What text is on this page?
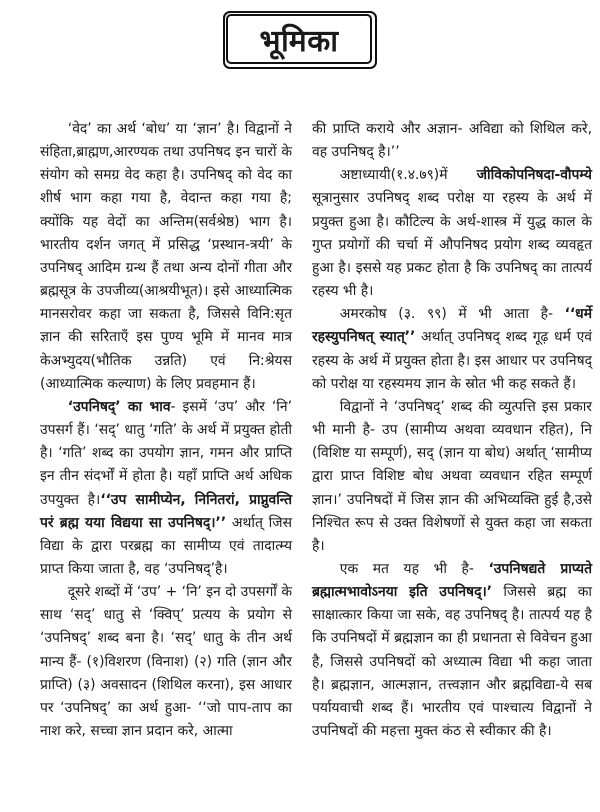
भूमिका

‘वेद’ का अर्थ ‘बोध’ या ‘ज्ञान’ है। विद्वानों ने संहिता,ब्राह्मण,आरण्यक तथा उपनिषद इन चारों के संयोग को समग्र वेद कहा है। उपनिषद् को वेद का शीर्ष भाग कहा गया है, वेदान्त कहा गया है; क्योंकि यह वेदों का अन्तिम(सर्वश्रेष्ठ) भाग है। भारतीय दर्शन जगत् में प्रसिद्ध ‘प्रस्थान-त्रयी’ के उपनिषद् आदिम ग्रन्थ हैं तथा अन्य दोनों गीता और ब्रह्मसूत्र के उपजीव्य(आश्रयीभूत)। इसे आध्यात्मिक मानसरोवर कहा जा सकता है, जिससे विनि:सृत ज्ञान की सरिताएँ इस पुण्य भूमि में मानव मात्र केअभ्युदय(भौतिक उन्नति) एवं नि:श्रेयस (आध्यात्मिक कल्याण) के लिए प्रवहमान हैं।

‘उपनिषद्’ का भाव- इसमें ‘उप’ और ‘नि’ उपसर्ग हैं। ‘सद्’ धातु ‘गति’ के अर्थ में प्रयुक्त होती है। ‘गति’ शब्द का उपयोग ज्ञान, गमन और प्राप्ति इन तीन संदर्भों में होता है। यहाँ प्राप्ति अर्थ अधिक उपयुक्त है।‘‘उप सामीप्येन, निनितरां, प्राप्नुवन्ति परं ब्रह्म यया विद्यया सा उपनिषद्।’’ अर्थात् जिस विद्या के द्वारा परब्रह्म का सामीप्य एवं तादात्म्य प्राप्त किया जाता है, वह ‘उपनिषद्’है।

दूसरे शब्दों में ‘उप’ + ‘नि’ इन दो उपसर्गों के साथ ‘सद्’ धातु से ‘क्विप्’ प्रत्यय के प्रयोग से ‘उपनिषद्’ शब्द बना है। ‘सद्’ धातु के तीन अर्थ मान्य हैं- (१)विशरण (विनाश) (२) गति (ज्ञान और प्राप्ति) (३) अवसादन (शिथिल करना), इस आधार पर ‘उपनिषद्’ का अर्थ हुआ- ‘‘जो पाप-ताप का नाश करे, सच्चा ज्ञान प्रदान करे, आत्मा

की प्राप्ति कराये और अज्ञान- अविद्या को शिथिल करे, वह उपनिषद् है।’’

अष्टाध्यायी(१.४.७९)में जीविकोपनिषदा-वौपम्ये सूत्रानुसार उपनिषद् शब्द परोक्ष या रहस्य के अर्थ में प्रयुक्त हुआ है। कौटिल्य के अर्थ-शास्त्र में युद्ध काल के गुप्त प्रयोगों की चर्चा में औपनिषद प्रयोग शब्द व्यवहृत हुआ है। इससे यह प्रकट होता है कि उपनिषद् का तात्पर्य रहस्य भी है।

अमरकोष (३. ९९) में भी आता है- ‘‘धर्मे रहस्युपनिषत् स्यात्’’ अर्थात् उपनिषद् शब्द गूढ़ धर्म एवं रहस्य के अर्थ में प्रयुक्त होता है। इस आधार पर उपनिषद् को परोक्ष या रहस्यमय ज्ञान के स्रोत भी कह सकते हैं।

विद्वानों ने ‘उपनिषद्’ शब्द की व्युत्पत्ति इस प्रकार भी मानी है- उप (सामीप्य अथवा व्यवधान रहित), नि (विशिष्ट या सम्पूर्ण), सद् (ज्ञान या बोध) अर्थात् ‘सामीप्य द्वारा प्राप्त विशिष्ट बोध अथवा व्यवधान रहित सम्पूर्ण ज्ञान।’ उपनिषदों में जिस ज्ञान की अभिव्यक्ति हुई है,उसे निश्चित रूप से उक्त विशेषणों से युक्त कहा जा सकता है।

एक मत यह भी है- ‘उपनिषद्यते प्राप्यते ब्रह्मात्मभावोऽनया इति उपनिषद्।’ जिससे ब्रह्म का साक्षात्कार किया जा सके, वह उपनिषद् है। तात्पर्य यह है कि उपनिषदों में ब्रह्मज्ञान का ही प्रधानता से विवेचन हुआ है, जिससे उपनिषदों को अध्यात्म विद्या भी कहा जाता है। ब्रह्मज्ञान, आत्मज्ञान, तत्त्वज्ञान और ब्रह्मविद्या-ये सब पर्यायवाची शब्द हैं। भारतीय एवं पाश्चात्य विद्वानों ने उपनिषदों की महत्ता मुक्त कंठ से स्वीकार की है।
